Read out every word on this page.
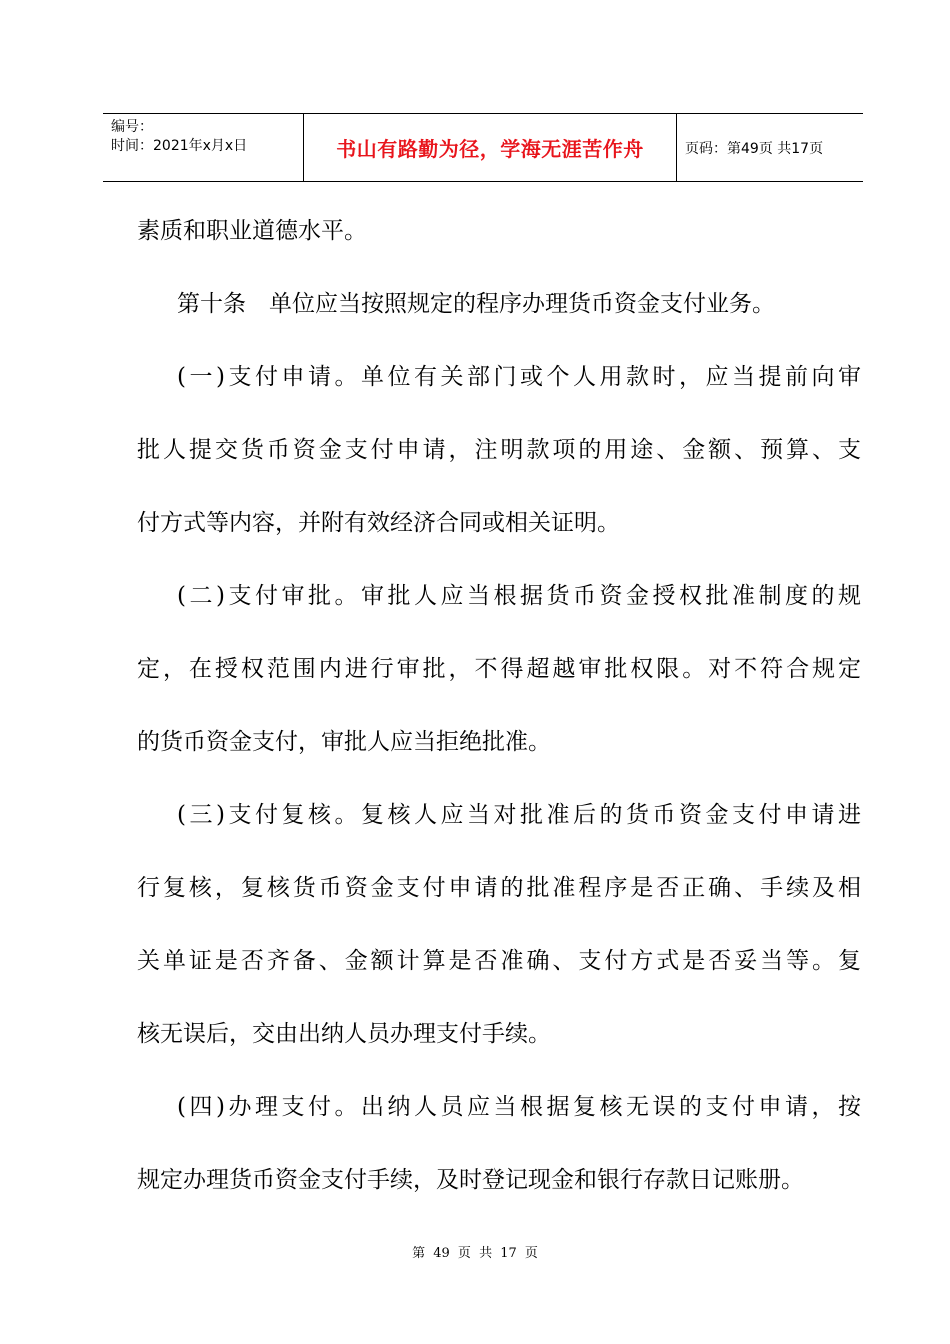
编号：
时间：2021年x月x日	书山有路勤为径，学海无涯苦作舟	页码：第49页 共17页
素质和职业道德水平。
第十条　单位应当按照规定的程序办理货币资金支付业务。
(一)支付申请。单位有关部门或个人用款时，应当提前向审
批人提交货币资金支付申请，注明款项的用途、金额、预算、支
付方式等内容，并附有效经济合同或相关证明。
(二)支付审批。审批人应当根据货币资金授权批准制度的规
定，在授权范围内进行审批，不得超越审批权限。对不符合规定
的货币资金支付，审批人应当拒绝批准。
(三)支付复核。复核人应当对批准后的货币资金支付申请进
行复核，复核货币资金支付申请的批准程序是否正确、手续及相
关单证是否齐备、金额计算是否准确、支付方式是否妥当等。复
核无误后，交由出纳人员办理支付手续。
(四)办理支付。出纳人员应当根据复核无误的支付申请，按
规定办理货币资金支付手续，及时登记现金和银行存款日记账册。
第 49 页 共 17 页
